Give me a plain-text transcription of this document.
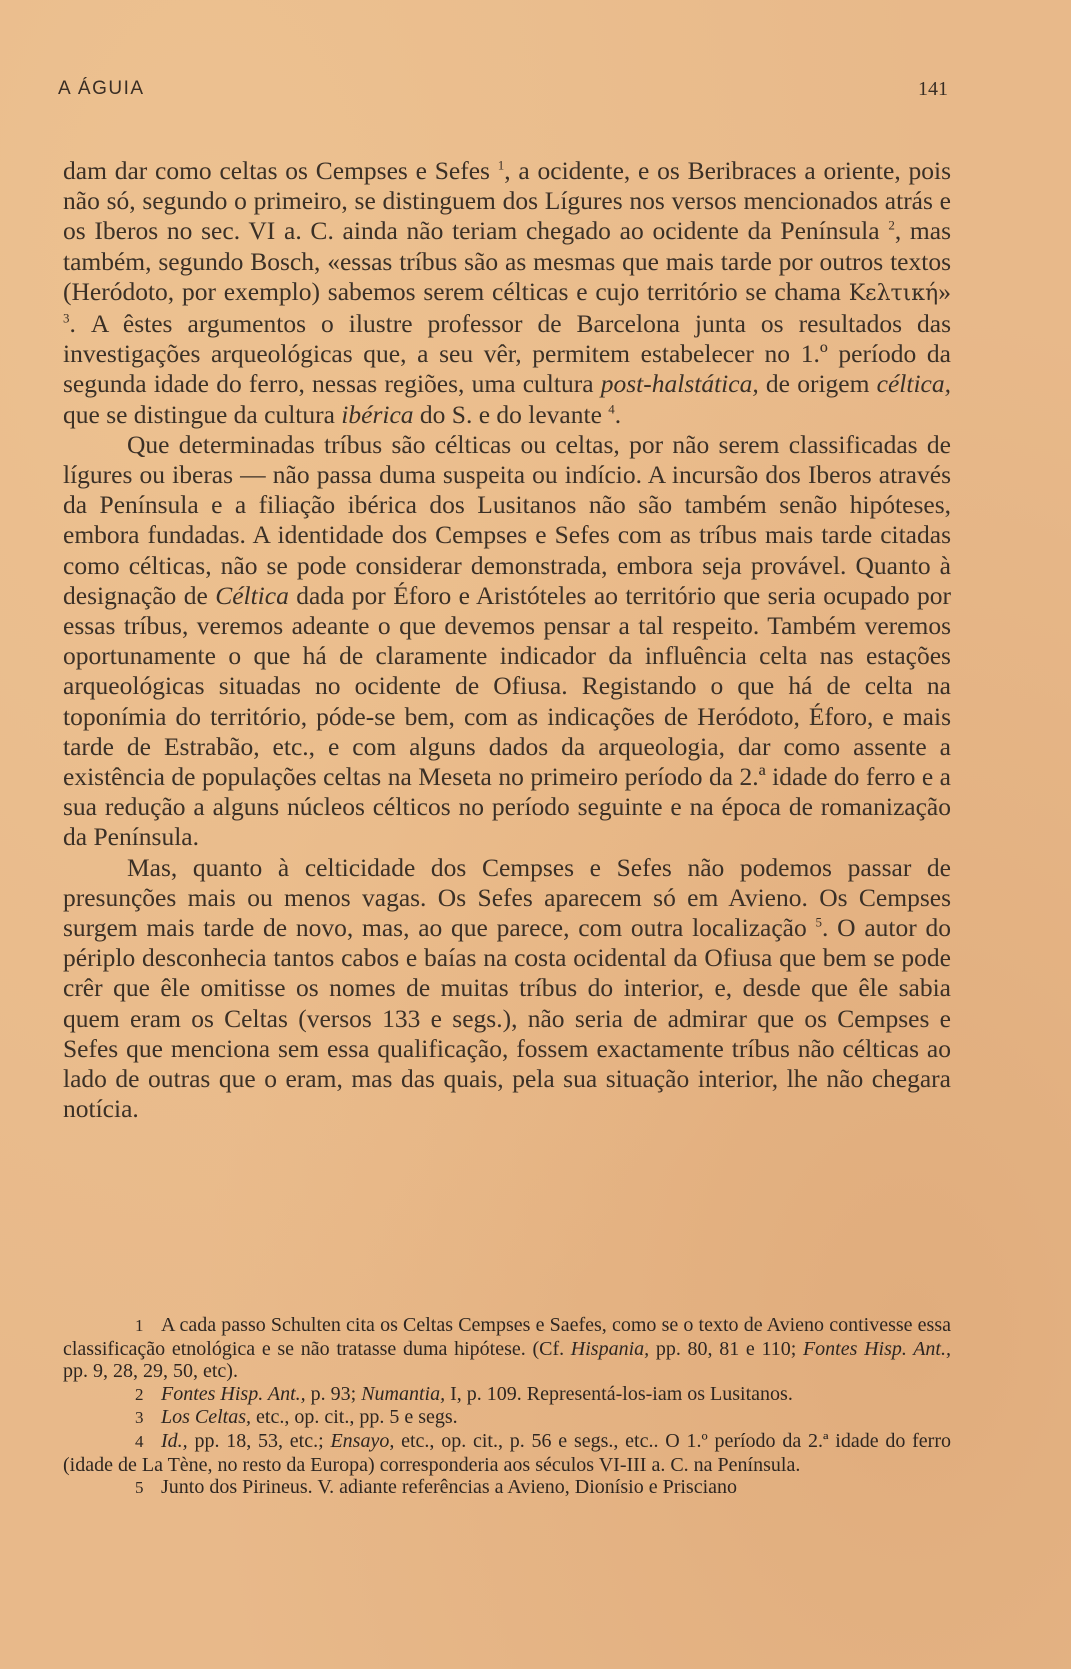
A ÁGUIA	141

dam dar como celtas os Cempses e Sefes $^1$, a ocidente, e os Beribraces a oriente, pois não só, segundo o primeiro, se distinguem dos Lígures nos versos mencionados atrás e os Iberos no sec. VI a. C. ainda não teriam chegado ao ocidente da Península $^2$, mas também, segundo Bosch, «essas tríbus são as mesmas que mais tarde por outros textos (Heródoto, por exemplo) sabemos serem célticas e cujo território se chama Κελτική» $^3$. A êstes argumentos o ilustre professor de Barcelona junta os resultados das investigações arqueológicas que, a seu vêr, permitem estabelecer no 1.º período da segunda idade do ferro, nessas regiões, uma cultura post-halstática, de origem céltica, que se distingue da cultura ibérica do S. e do levante $^4$.

Que determinadas tríbus são célticas ou celtas, por não serem classificadas de lígures ou iberas — não passa duma suspeita ou indício. A incursão dos Iberos através da Península e a filiação ibérica dos Lusitanos não são também senão hipóteses, embora fundadas. A identidade dos Cempses e Sefes com as tríbus mais tarde citadas como célticas, não se pode considerar demonstrada, embora seja provável. Quanto à designação de Céltica dada por Éforo e Aristóteles ao território que seria ocupado por essas tríbus, veremos adeante o que devemos pensar a tal respeito. Também veremos oportunamente o que há de claramente indicador da influência celta nas estações arqueológicas situadas no ocidente de Ofiusa. Registando o que há de celta na toponímia do território, póde-se bem, com as indicações de Heródoto, Éforo, e mais tarde de Estrabão, etc., e com alguns dados da arqueologia, dar como assente a existência de populações celtas na Meseta no primeiro período da 2.ª idade do ferro e a sua redução a alguns núcleos célticos no período seguinte e na época de romanização da Península.

Mas, quanto à celticidade dos Cempses e Sefes não podemos passar de presunções mais ou menos vagas. Os Sefes aparecem só em Avieno. Os Cempses surgem mais tarde de novo, mas, ao que parece, com outra localização $^5$. O autor do périplo desconhecia tantos cabos e baías na costa ocidental da Ofiusa que bem se pode crêr que êle omitisse os nomes de muitas tríbus do interior, e, desde que êle sabia quem eram os Celtas (versos 133 e segs.), não seria de admirar que os Cempses e Sefes que menciona sem essa qualificação, fossem exactamente tríbus não célticas ao lado de outras que o eram, mas das quais, pela sua situação interior, lhe não chegara notícia.

1 A cada passo Schulten cita os Celtas Cempses e Saefes, como se o texto de Avieno contivesse essa classificação etnológica e se não tratasse duma hipótese. (Cf. Hispania, pp. 80, 81 e 110; Fontes Hisp. Ant., pp. 9, 28, 29, 50, etc).

2 Fontes Hisp. Ant., p. 93; Numantia, I, p. 109. Representá-los-iam os Lusitanos.

3 Los Celtas, etc., op. cit., pp. 5 e segs.

4 Id., pp. 18, 53, etc.; Ensayo, etc., op. cit., p. 56 e segs., etc.. O 1.º período da 2.ª idade do ferro (idade de La Tène, no resto da Europa) corresponderia aos séculos VI-III a. C. na Península.

5 Junto dos Pirineus. V. adiante referências a Avieno, Dionísio e Prisciano
